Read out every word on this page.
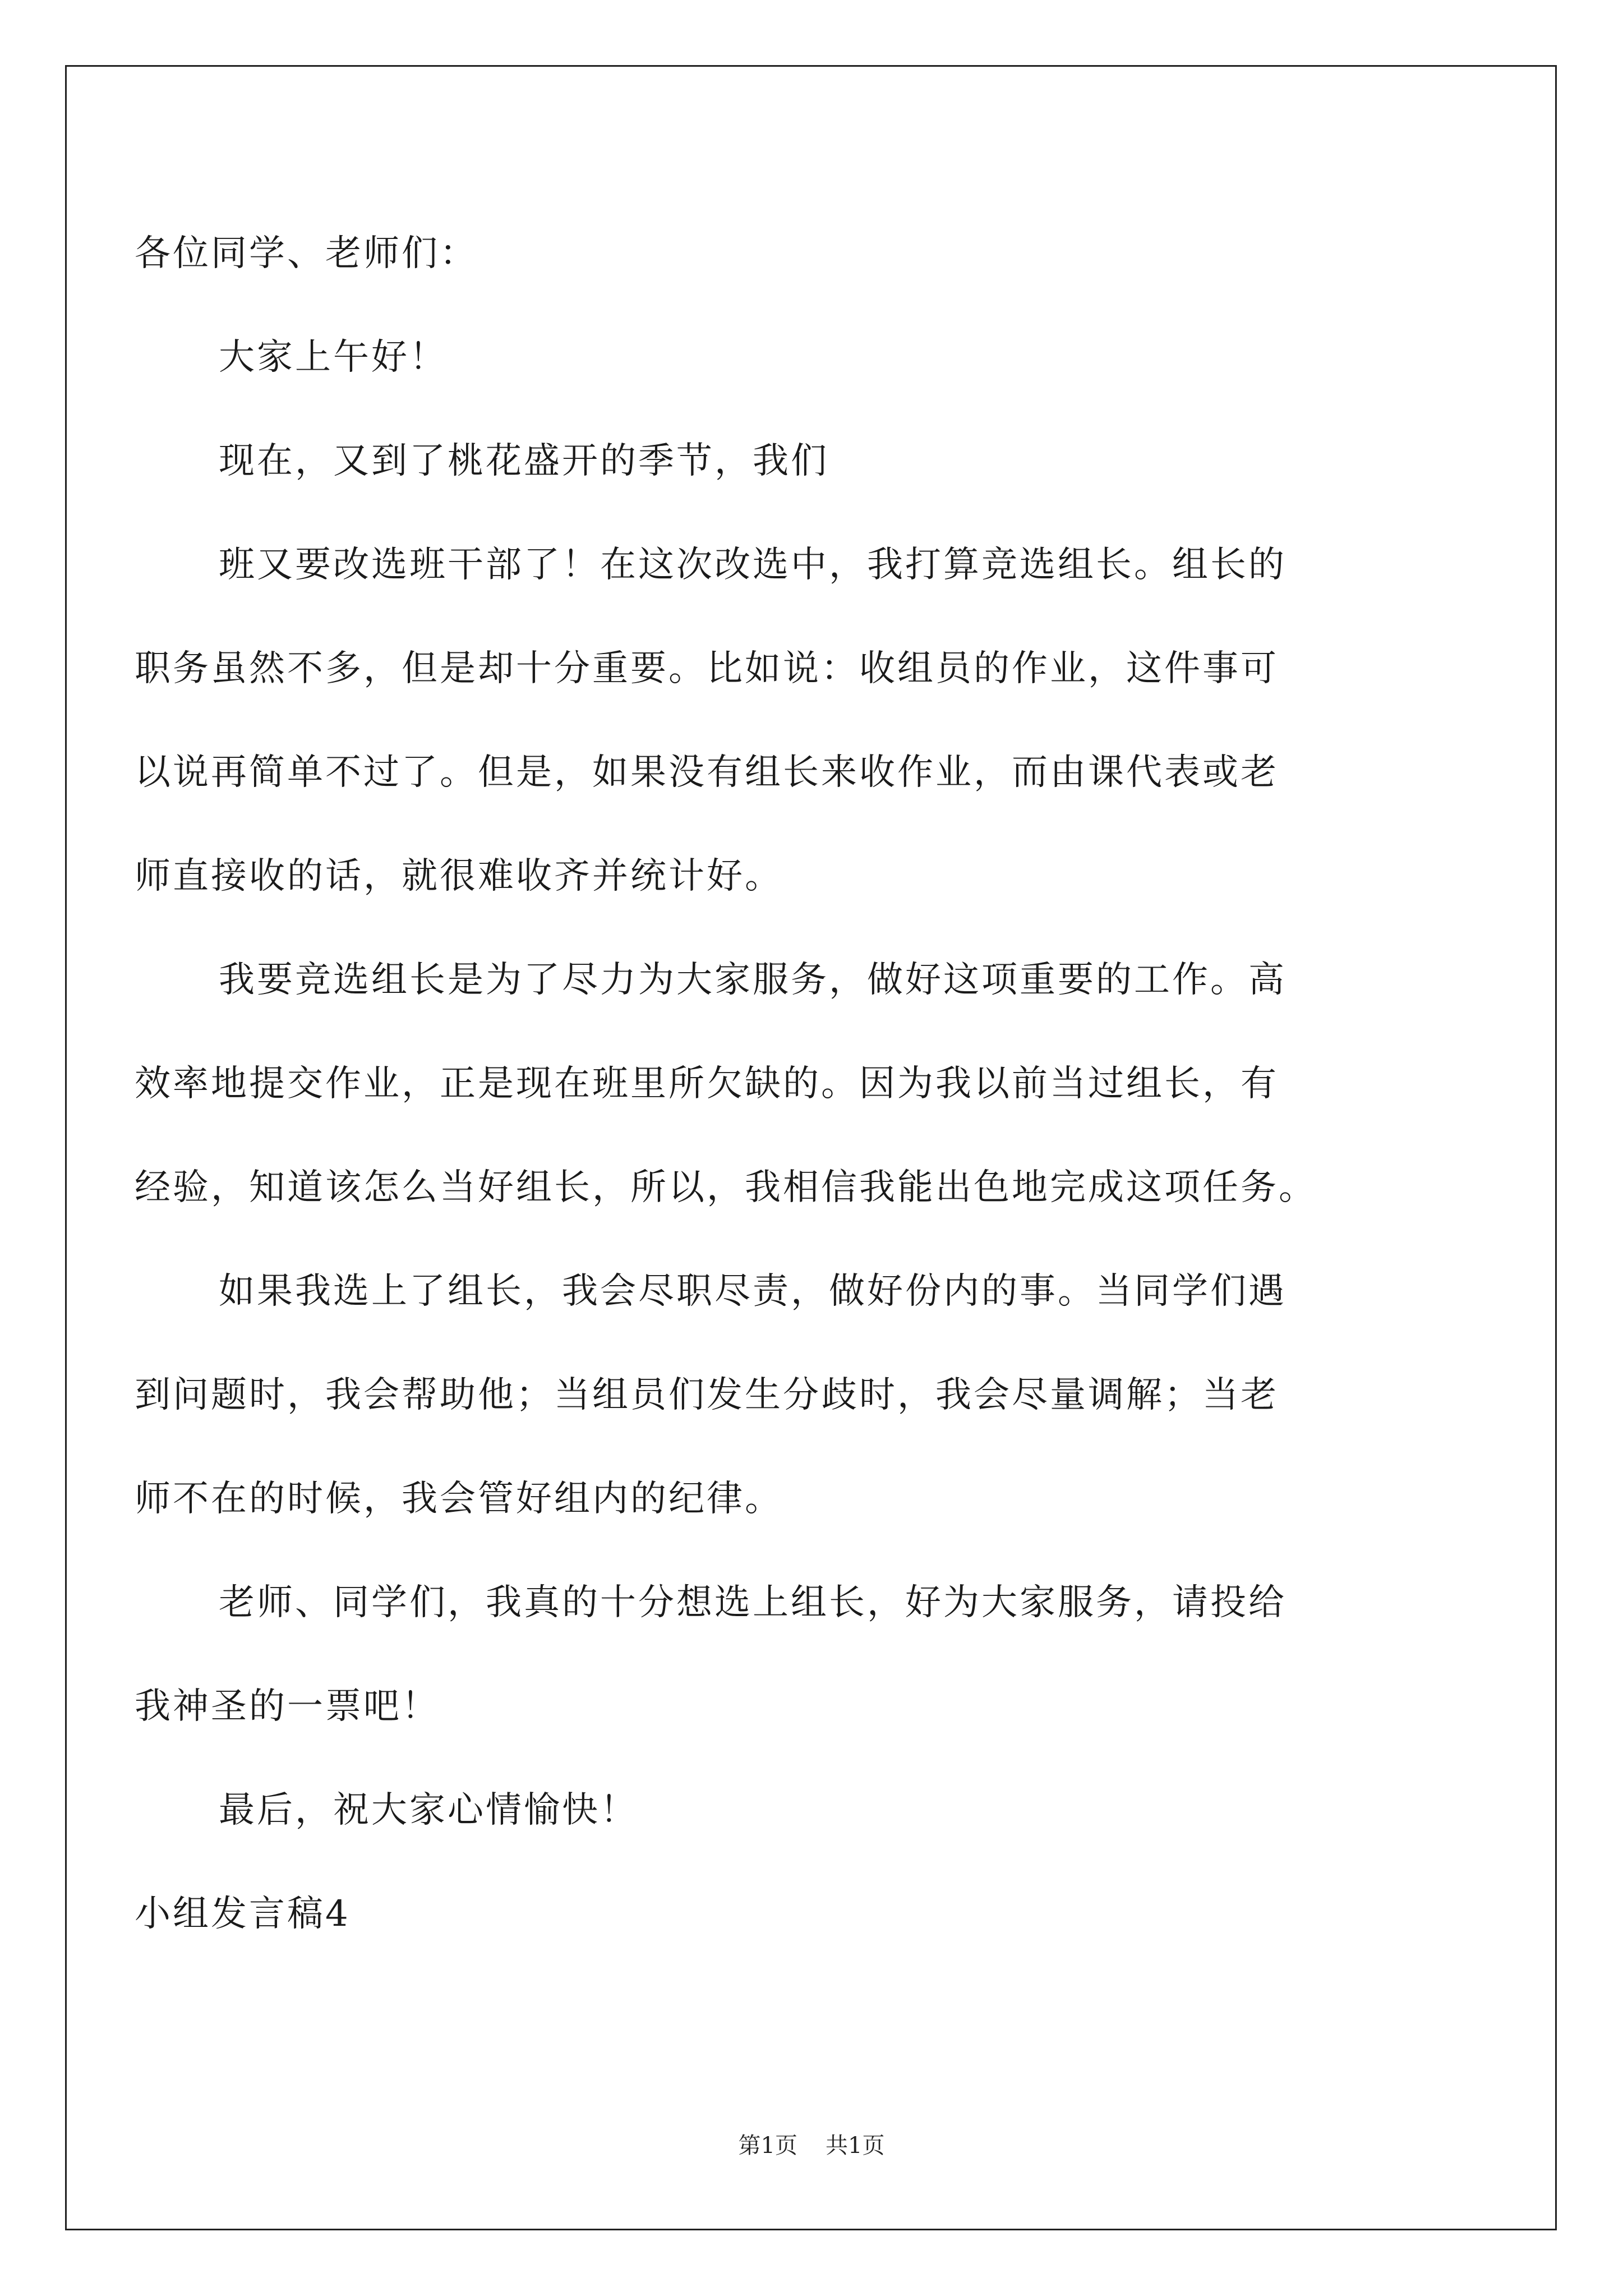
各位同学、老师们：
大家上午好！
现在，又到了桃花盛开的季节，我们
班又要改选班干部了！在这次改选中，我打算竞选组长。组长的
职务虽然不多，但是却十分重要。比如说：收组员的作业，这件事可
以说再简单不过了。但是，如果没有组长来收作业，而由课代表或老
师直接收的话，就很难收齐并统计好。
我要竞选组长是为了尽力为大家服务，做好这项重要的工作。高
效率地提交作业，正是现在班里所欠缺的。因为我以前当过组长，有
经验，知道该怎么当好组长，所以，我相信我能出色地完成这项任务。
如果我选上了组长，我会尽职尽责，做好份内的事。当同学们遇
到问题时，我会帮助他；当组员们发生分歧时，我会尽量调解；当老
师不在的时候，我会管好组内的纪律。
老师、同学们，我真的十分想选上组长，好为大家服务，请投给
我神圣的一票吧！
最后，祝大家心情愉快！
小组发言稿4
第1页 共1页
